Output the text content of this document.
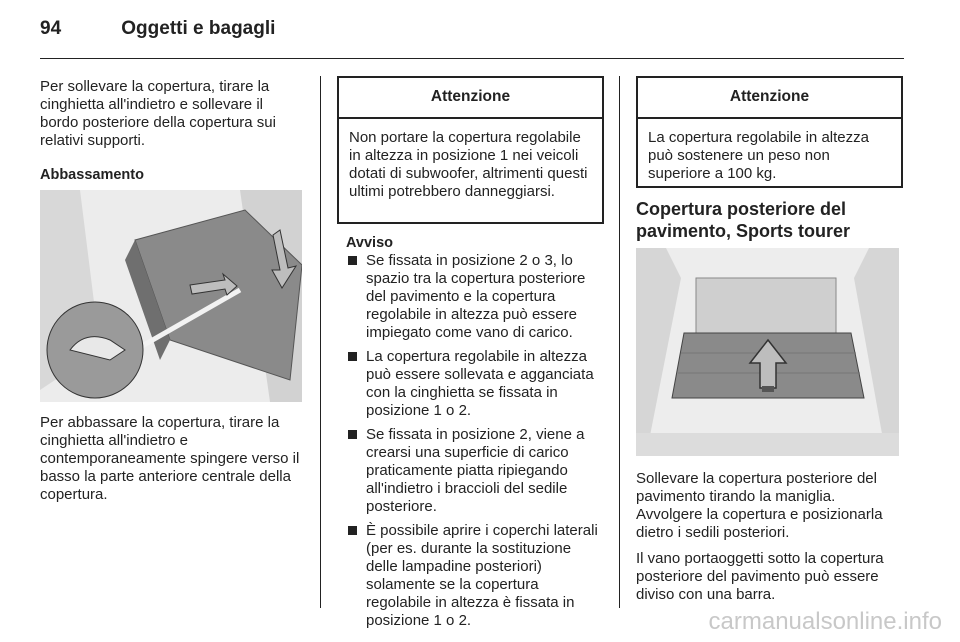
94	Oggetti e bagagli

Per sollevare la copertura, tirare la cinghietta all'indietro e sollevare il bordo posteriore della copertura sui relativi supporti.

Abbassamento

Per abbassare la copertura, tirare la cinghietta all'indietro e contemporaneamente spingere verso il basso la parte anteriore centrale della copertura.

Attenzione
Non portare la copertura regolabile in altezza in posizione 1 nei veicoli dotati di subwoofer, altrimenti questi ultimi potrebbero danneggiarsi.
Avviso
Se fissata in posizione 2 o 3, lo spazio tra la copertura posteriore del pavimento e la copertura regolabile in altezza può essere impiegato come vano di carico.
La copertura regolabile in altezza può essere sollevata e agganciata con la cinghietta se fissata in posizione 1 o 2.
Se fissata in posizione 2, viene a crearsi una superficie di carico praticamente piatta ripiegando all'indietro i braccioli del sedile posteriore.
È possibile aprire i coperchi laterali (per es. durante la sostituzione delle lampadine posteriori) solamente se la copertura regolabile in altezza è fissata in posizione 1 o 2.
Attenzione
La copertura regolabile in altezza può sostenere un peso non superiore a 100 kg.
Copertura posteriore del pavimento, Sports tourer

Sollevare la copertura posteriore del pavimento tirando la maniglia. Avvolgere la copertura e posizionarla dietro i sedili posteriori.

Il vano portaoggetti sotto la copertura posteriore del pavimento può essere diviso con una barra.

carmanualsonline.info
